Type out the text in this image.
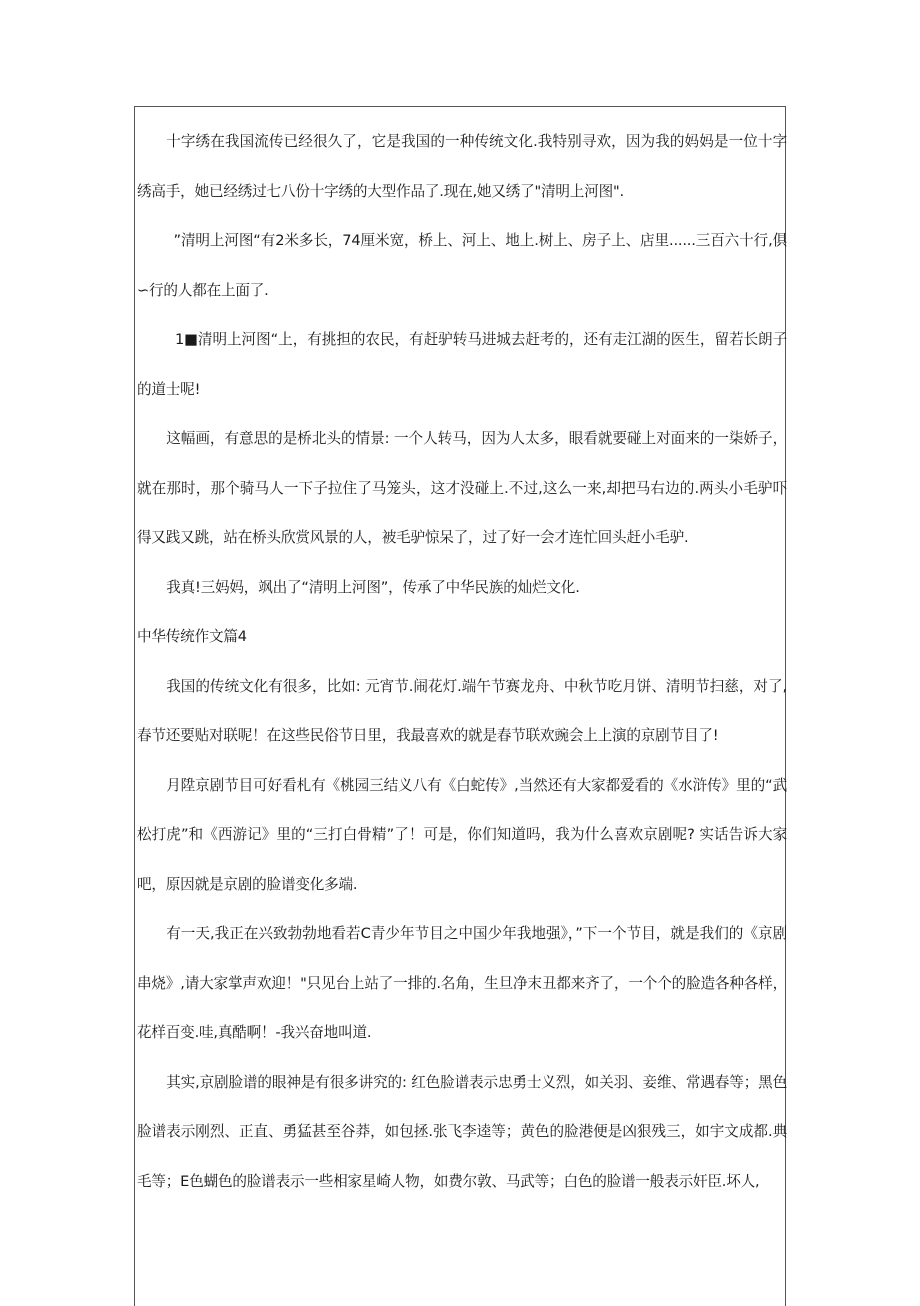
十字绣在我国流传已经很久了，它是我国的一种传统文化.我特别寻欢，因为我的妈妈是一位十字绣高手，她已经绣过七八份十字绣的大型作品了.现在,她又绣了"清明上河图".

”清明上河图“有2米多长，74厘米宽，桥上、河上、地上.树上、房子上、店里......三百六十行,俱∽行的人都在上面了.

1■清明上河图“上，有挑担的农民，有赶驴转马进城去赶考的，还有走江湖的医生，留若长朗子的道士呢!

这幅画，有意思的是桥北头的情景: 一个人转马，因为人太多，眼看就要碰上对面来的一柒娇子，就在那时，那个骑马人一下子拉住了马笼头，这才没碰上.不过,这么一来,却把马右边的.两头小毛驴吓得又践又跳，站在桥头欣赏风景的人，被毛驴惊呆了，过了好一会才连忙回头赶小毛驴.

我真!三妈妈，飒出了“清明上河图”，传承了中华民族的灿烂文化.

中华传统作文篇4

我国的传统文化有很多，比如: 元宵节.闹花灯.端午节赛龙舟、中秋节吃月饼、清明节扫慈，对了,春节还要贴对联呢！在这些民俗节日里，我最喜欢的就是春节联欢豌会上上演的京剧节目了!

月陞京剧节目可好看札有《桃园三结义八有《白蛇传》,当然还有大家都爱看的《水浒传》里的“武松打虎”和《西游记》里的“三打白骨精”了！可是，你们知道吗，我为什么喜欢京剧呢? 实话告诉大家吧，原因就是京剧的脸谱变化多端.

有一天,我正在兴致勃勃地看若C青少年节目之中国少年我地强》，”下一个节目，就是我们的《京剧串烧》,请大家掌声欢迎！"只见台上站了一排的.名角，生旦净末丑都来齐了，一个个的脸造各种各样，花样百变.哇,真酷啊！-我兴奋地叫道.

其实,京剧脸谱的眼神是有很多讲究的: 红色脸谱表示忠勇士义烈，如关羽、妾维、常遇春等；黑色脸谱表示刚烈、正直、勇猛甚至谷莽，如包拯.张飞李逵等；黄色的脸港便是凶狠残三，如宇文成都.典毛等；E色蝴色的脸谱表示一些相家星崎人物，如费尔敦、马武等；白色的脸谱一般表示奸臣.坏人,
